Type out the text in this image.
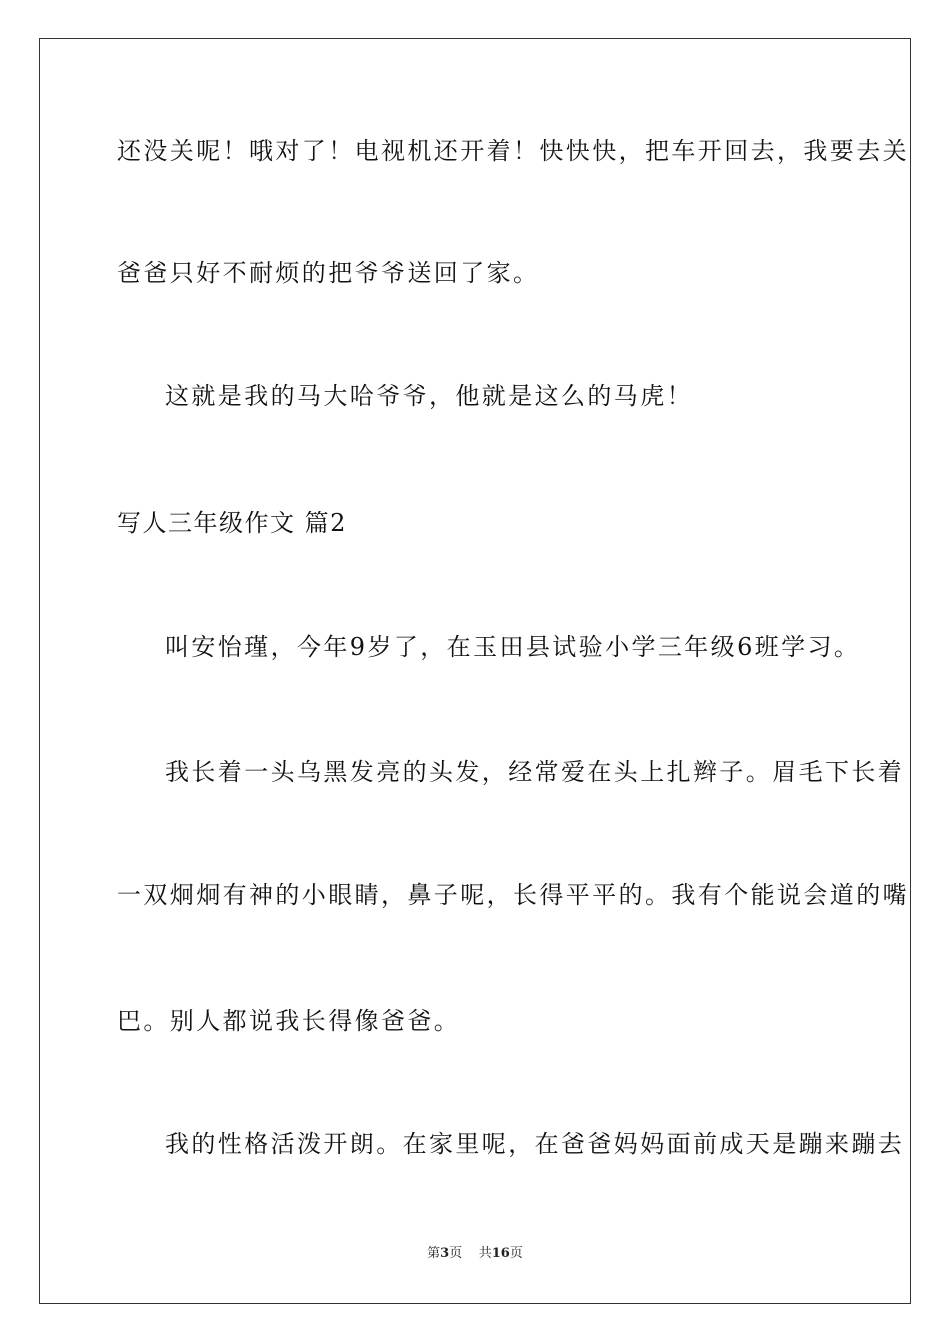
还没关呢！哦对了！电视机还开着！快快快，把车开回去，我要去关
爸爸只好不耐烦的把爷爷送回了家。
这就是我的马大哈爷爷，他就是这么的马虎！
写人三年级作文 篇2
叫安怡瑾，今年9岁了，在玉田县试验小学三年级6班学习。
我长着一头乌黑发亮的头发，经常爱在头上扎辫子。眉毛下长着
一双炯炯有神的小眼睛，鼻子呢，长得平平的。我有个能说会道的嘴
巴。别人都说我长得像爸爸。
我的性格活泼开朗。在家里呢，在爸爸妈妈面前成天是蹦来蹦去
第3页 共16页
